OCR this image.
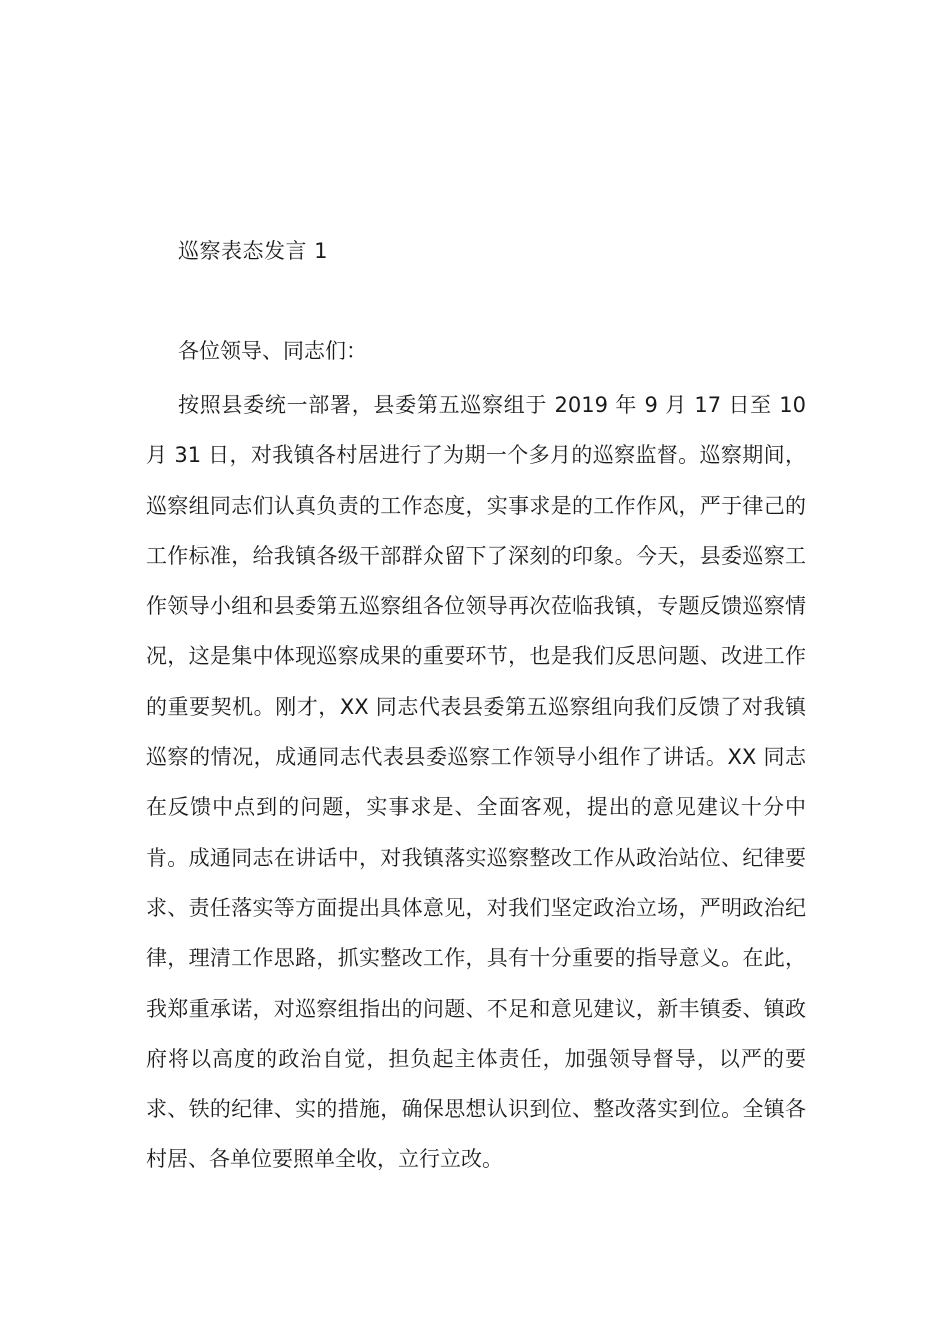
巡察表态发言 1

各位领导、同志们：

按照县委统一部署，县委第五巡察组于 2019 年 9 月 17 日至 10 月 31 日，对我镇各村居进行了为期一个多月的巡察监督。巡察期间，巡察组同志们认真负责的工作态度，实事求是的工作作风，严于律己的工作标准，给我镇各级干部群众留下了深刻的印象。今天，县委巡察工作领导小组和县委第五巡察组各位领导再次莅临我镇，专题反馈巡察情况，这是集中体现巡察成果的重要环节，也是我们反思问题、改进工作的重要契机。刚才，XX 同志代表县委第五巡察组向我们反馈了对我镇巡察的情况，成通同志代表县委巡察工作领导小组作了讲话。XX 同志在反馈中点到的问题，实事求是、全面客观，提出的意见建议十分中肯。成通同志在讲话中，对我镇落实巡察整改工作从政治站位、纪律要求、责任落实等方面提出具体意见，对我们坚定政治立场，严明政治纪律，理清工作思路，抓实整改工作，具有十分重要的指导意义。在此，我郑重承诺，对巡察组指出的问题、不足和意见建议，新丰镇委、镇政府将以高度的政治自觉，担负起主体责任，加强领导督导，以严的要求、铁的纪律、实的措施，确保思想认识到位、整改落实到位。全镇各村居、各单位要照单全收，立行立改。
